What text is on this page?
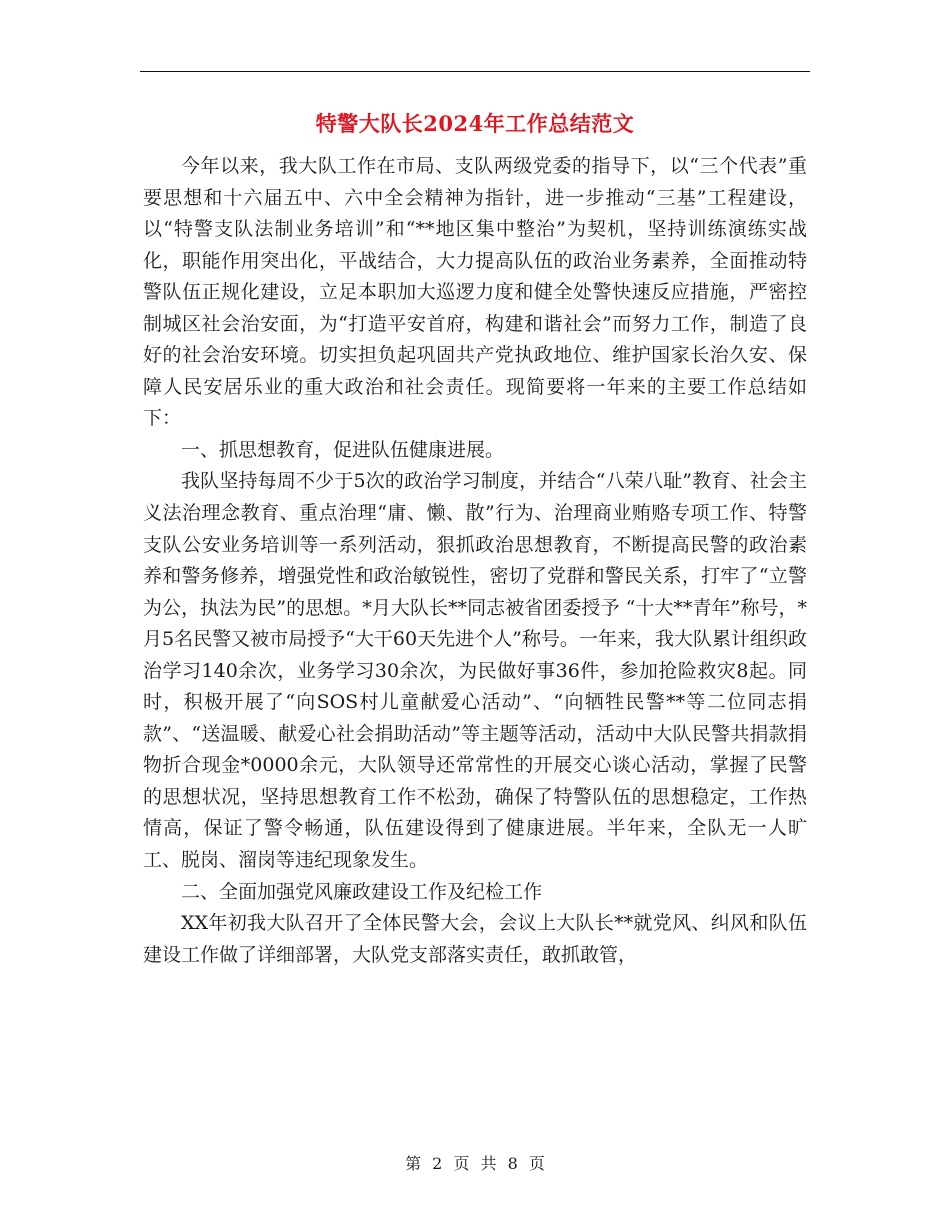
特警大队长2024年工作总结范文

今年以来，我大队工作在市局、支队两级党委的指导下，以“三个代表”重要思想和十六届五中、六中全会精神为指针，进一步推动“三基”工程建设， 以“特警支队法制业务培训”和“**地区集中整治”为契机，坚持训练演练实战化，职能作用突出化，平战结合，大力提高队伍的政治业务素养，全面推动特警队伍正规化建设，立足本职加大巡逻力度和健全处警快速反应措施，严密控制城区社会治安面，为“打造平安首府，构建和谐社会”而努力工作，制造了良好的社会治安环境。切实担负起巩固共产党执政地位、维护国家长治久安、保障人民安居乐业的重大政治和社会责任。现简要将一年来的主要工作总结如下：

一、抓思想教育，促进队伍健康进展。

我队坚持每周不少于5次的政治学习制度，并结合“八荣八耻”教育、社会主义法治理念教育、重点治理“庸、懒、散”行为、治理商业贿赂专项工作、特警支队公安业务培训等一系列活动，狠抓政治思想教育，不断提高民警的政治素养和警务修养，增强党性和政治敏锐性，密切了党群和警民关系，打牢了“立警为公，执法为民”的思想。*月大队长**同志被省团委授予 “十大**青年”称号，*月5名民警又被市局授予“大干60天先进个人”称号。一年来，我大队累计组织政治学习140余次，业务学习30余次，为民做好事36件，参加抢险救灾8起。同时，积极开展了“向SOS村儿童献爱心活动”、“向牺牲民警**等二位同志捐款”、“送温暖、献爱心社会捐助活动”等主题等活动，活动中大队民警共捐款捐物折合现金*0000余元，大队领导还常常性的开展交心谈心活动，掌握了民警的思想状况，坚持思想教育工作不松劲，确保了特警队伍的思想稳定，工作热情高，保证了警令畅通，队伍建设得到了健康进展。半年来，全队无一人旷工、脱岗、溜岗等违纪现象发生。

二、全面加强党风廉政建设工作及纪检工作

XX年初我大队召开了全体民警大会，会议上大队长**就党风、纠风和队伍建设工作做了详细部署，大队党支部落实责任，敢抓敢管，

第 2 页 共 8 页
